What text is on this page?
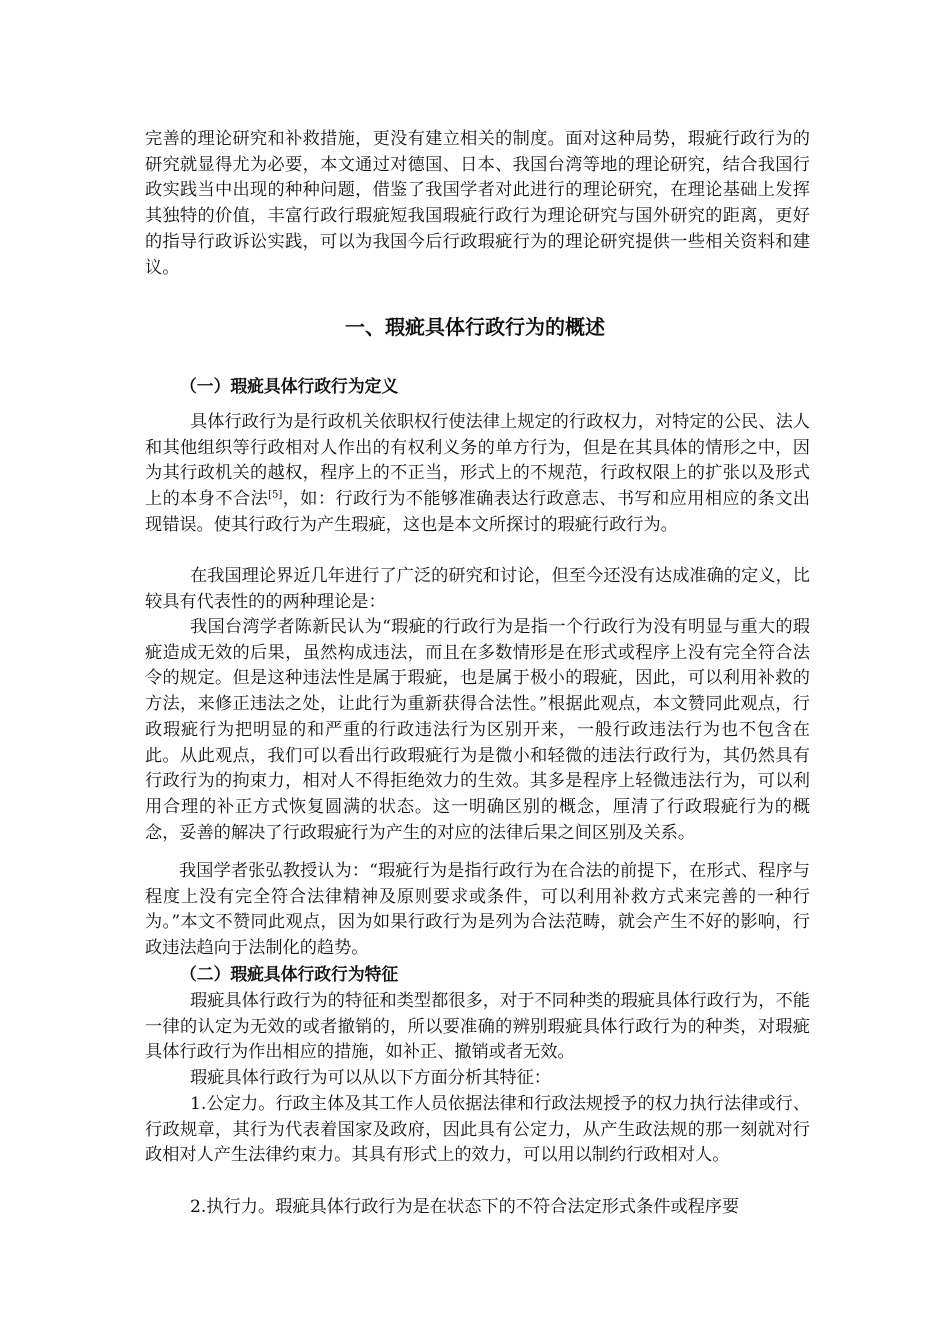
完善的理论研究和补救措施，更没有建立相关的制度。面对这种局势，瑕疵行政行为的研究就显得尤为必要，本文通过对德国、日本、我国台湾等地的理论研究，结合我国行政实践当中出现的种种问题，借鉴了我国学者对此进行的理论研究，在理论基础上发挥其独特的价值，丰富行政行瑕疵短我国瑕疵行政行为理论研究与国外研究的距离，更好的指导行政诉讼实践，可以为我国今后行政瑕疵行为的理论研究提供一些相关资料和建议。

一、瑕疵具体行政行为的概述
（一）瑕疵具体行政行为定义

具体行政行为是行政机关依职权行使法律上规定的行政权力，对特定的公民、法人和其他组织等行政相对人作出的有权利义务的单方行为，但是在其具体的情形之中，因为其行政机关的越权，程序上的不正当，形式上的不规范，行政权限上的扩张以及形式上的本身不合法[5]，如：行政行为不能够准确表达行政意志、书写和应用相应的条文出现错误。使其行政行为产生瑕疵，这也是本文所探讨的瑕疵行政行为。

在我国理论界近几年进行了广泛的研究和讨论，但至今还没有达成准确的定义，比较具有代表性的的两种理论是：

我国台湾学者陈新民认为“瑕疵的行政行为是指一个行政行为没有明显与重大的瑕疵造成无效的后果，虽然构成违法，而且在多数情形是在形式或程序上没有完全符合法令的规定。但是这种违法性是属于瑕疵，也是属于极小的瑕疵，因此，可以利用补救的方法，来修正违法之处，让此行为重新获得合法性。”根据此观点，本文赞同此观点，行政瑕疵行为把明显的和严重的行政违法行为区别开来，一般行政违法行为也不包含在此。从此观点，我们可以看出行政瑕疵行为是微小和轻微的违法行政行为，其仍然具有行政行为的拘束力，相对人不得拒绝效力的生效。其多是程序上轻微违法行为，可以利用合理的补正方式恢复圆满的状态。这一明确区别的概念，厘清了行政瑕疵行为的概念，妥善的解决了行政瑕疵行为产生的对应的法律后果之间区别及关系。

我国学者张弘教授认为：“瑕疵行为是指行政行为在合法的前提下，在形式、程序与程度上没有完全符合法律精神及原则要求或条件，可以利用补救方式来完善的一种行为。”本文不赞同此观点，因为如果行政行为是列为合法范畴，就会产生不好的影响，行政违法趋向于法制化的趋势。

（二）瑕疵具体行政行为特征

瑕疵具体行政行为的特征和类型都很多，对于不同种类的瑕疵具体行政行为，不能一律的认定为无效的或者撤销的，所以要准确的辨别瑕疵具体行政行为的种类，对瑕疵具体行政行为作出相应的措施，如补正、撤销或者无效。

瑕疵具体行政行为可以从以下方面分析其特征：

1.公定力。行政主体及其工作人员依据法律和行政法规授予的权力执行法律或行、行政规章，其行为代表着国家及政府，因此具有公定力，从产生政法规的那一刻就对行政相对人产生法律约束力。其具有形式上的效力，可以用以制约行政相对人。

2.执行力。瑕疵具体行政行为是在状态下的不符合法定形式条件或程序要
